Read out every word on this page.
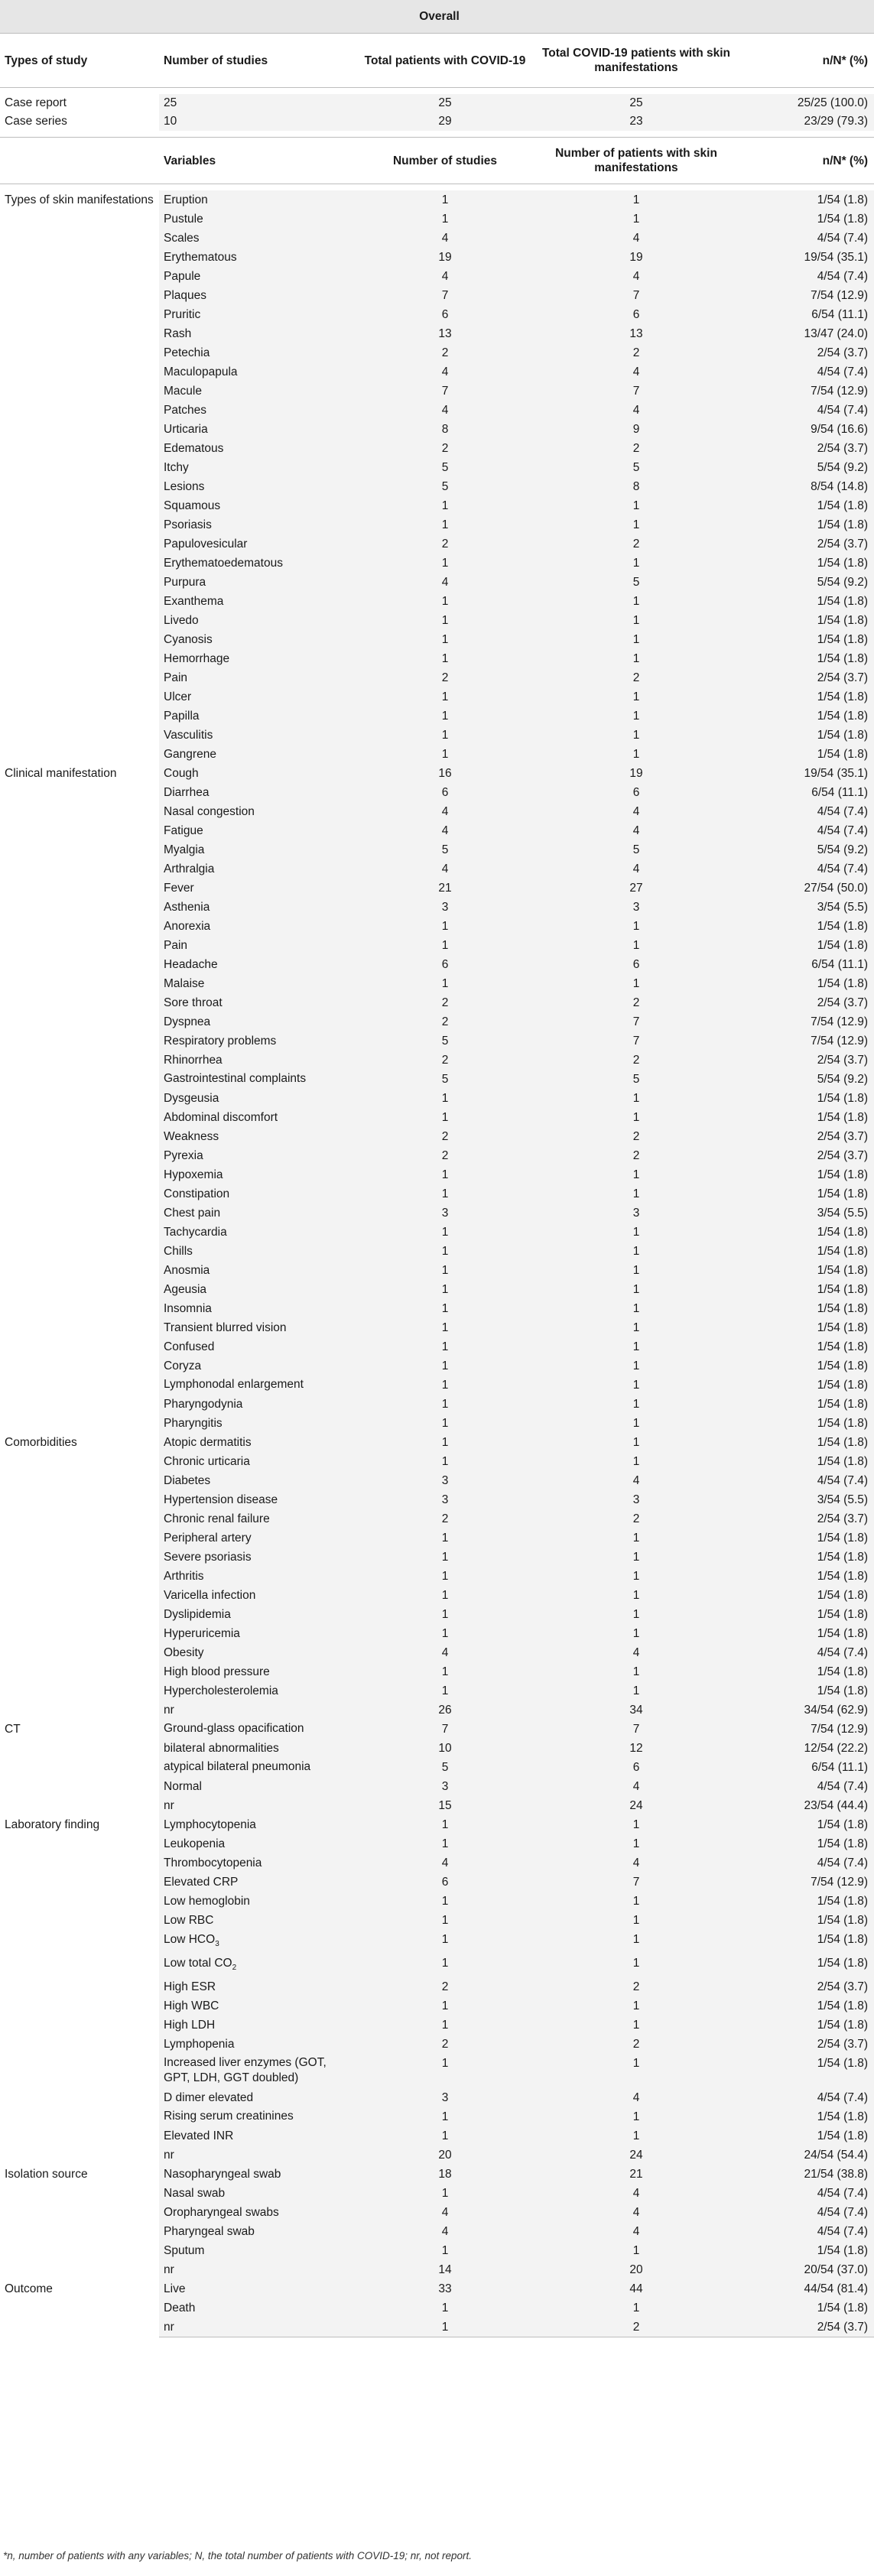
Overall				
Types of study	Number of studies	Total patients with COVID-19	Total COVID-19 patients with skin manifestations	n/N* (%)

Case report	25	25	25	25/25 (100.0)
Case series	10	29	23	23/29 (79.3)

	Variables	Number of studies	Number of patients with skin manifestations	n/N* (%)

Types of skin manifestations	Eruption	1	1	1/54 (1.8)
	Pustule	1	1	1/54 (1.8)
	Scales	4	4	4/54 (7.4)
	Erythematous	19	19	19/54 (35.1)
	Papule	4	4	4/54 (7.4)
	Plaques	7	7	7/54 (12.9)
	Pruritic	6	6	6/54 (11.1)
	Rash	13	13	13/47 (24.0)
	Petechia	2	2	2/54 (3.7)
	Maculopapula	4	4	4/54 (7.4)
	Macule	7	7	7/54 (12.9)
	Patches	4	4	4/54 (7.4)
	Urticaria	8	9	9/54 (16.6)
	Edematous	2	2	2/54 (3.7)
	Itchy	5	5	5/54 (9.2)
	Lesions	5	8	8/54 (14.8)
	Squamous	1	1	1/54 (1.8)
	Psoriasis	1	1	1/54 (1.8)
	Papulovesicular	2	2	2/54 (3.7)
	Erythematoedematous	1	1	1/54 (1.8)
	Purpura	4	5	5/54 (9.2)
	Exanthema	1	1	1/54 (1.8)
	Livedo	1	1	1/54 (1.8)
	Cyanosis	1	1	1/54 (1.8)
	Hemorrhage	1	1	1/54 (1.8)
	Pain	2	2	2/54 (3.7)
	Ulcer	1	1	1/54 (1.8)
	Papilla	1	1	1/54 (1.8)
	Vasculitis	1	1	1/54 (1.8)
	Gangrene	1	1	1/54 (1.8)
Clinical manifestation	Cough	16	19	19/54 (35.1)
	Diarrhea	6	6	6/54 (11.1)
	Nasal congestion	4	4	4/54 (7.4)
	Fatigue	4	4	4/54 (7.4)
	Myalgia	5	5	5/54 (9.2)
	Arthralgia	4	4	4/54 (7.4)
	Fever	21	27	27/54 (50.0)
	Asthenia	3	3	3/54 (5.5)
	Anorexia	1	1	1/54 (1.8)
	Pain	1	1	1/54 (1.8)
	Headache	6	6	6/54 (11.1)
	Malaise	1	1	1/54 (1.8)
	Sore throat	2	2	2/54 (3.7)
	Dyspnea	2	7	7/54 (12.9)
	Respiratory problems	5	7	7/54 (12.9)
	Rhinorrhea	2	2	2/54 (3.7)
	Gastrointestinal complaints	5	5	5/54 (9.2)
	Dysgeusia	1	1	1/54 (1.8)
	Abdominal discomfort	1	1	1/54 (1.8)
	Weakness	2	2	2/54 (3.7)
	Pyrexia	2	2	2/54 (3.7)
	Hypoxemia	1	1	1/54 (1.8)
	Constipation	1	1	1/54 (1.8)
	Chest pain	3	3	3/54 (5.5)
	Tachycardia	1	1	1/54 (1.8)
	Chills	1	1	1/54 (1.8)
	Anosmia	1	1	1/54 (1.8)
	Ageusia	1	1	1/54 (1.8)
	Insomnia	1	1	1/54 (1.8)
	Transient blurred vision	1	1	1/54 (1.8)
	Confused	1	1	1/54 (1.8)
	Coryza	1	1	1/54 (1.8)
	Lymphonodal enlargement	1	1	1/54 (1.8)
	Pharyngodynia	1	1	1/54 (1.8)
	Pharyngitis	1	1	1/54 (1.8)
Comorbidities	Atopic dermatitis	1	1	1/54 (1.8)
	Chronic urticaria	1	1	1/54 (1.8)
	Diabetes	3	4	4/54 (7.4)
	Hypertension disease	3	3	3/54 (5.5)
	Chronic renal failure	2	2	2/54 (3.7)
	Peripheral artery	1	1	1/54 (1.8)
	Severe psoriasis	1	1	1/54 (1.8)
	Arthritis	1	1	1/54 (1.8)
	Varicella infection	1	1	1/54 (1.8)
	Dyslipidemia	1	1	1/54 (1.8)
	Hyperuricemia	1	1	1/54 (1.8)
	Obesity	4	4	4/54 (7.4)
	High blood pressure	1	1	1/54 (1.8)
	Hypercholesterolemia	1	1	1/54 (1.8)
	nr	26	34	34/54 (62.9)
CT	Ground-glass opacification	7	7	7/54 (12.9)
	bilateral abnormalities	10	12	12/54 (22.2)
	atypical bilateral pneumonia	5	6	6/54 (11.1)
	Normal	3	4	4/54 (7.4)
	nr	15	24	23/54 (44.4)
Laboratory finding	Lymphocytopenia	1	1	1/54 (1.8)
	Leukopenia	1	1	1/54 (1.8)
	Thrombocytopenia	4	4	4/54 (7.4)
	Elevated CRP	6	7	7/54 (12.9)
	Low hemoglobin	1	1	1/54 (1.8)
	Low RBC	1	1	1/54 (1.8)
	Low $HCO_3$	1	1	1/54 (1.8)
	Low total $CO_2$	1	1	1/54 (1.8)
	High ESR	2	2	2/54 (3.7)
	High WBC	1	1	1/54 (1.8)
	High LDH	1	1	1/54 (1.8)
	Lymphopenia	2	2	2/54 (3.7)
	Increased liver enzymes (GOT, GPT, LDH, GGT doubled)	1	1	1/54 (1.8)
	D dimer elevated	3	4	4/54 (7.4)
	Rising serum creatinines	1	1	1/54 (1.8)
	Elevated INR	1	1	1/54 (1.8)
	nr	20	24	24/54 (54.4)
Isolation source	Nasopharyngeal swab	18	21	21/54 (38.8)
	Nasal swab	1	4	4/54 (7.4)
	Oropharyngeal swabs	4	4	4/54 (7.4)
	Pharyngeal swab	4	4	4/54 (7.4)
	Sputum	1	1	1/54 (1.8)
	nr	14	20	20/54 (37.0)
Outcome	Live	33	44	44/54 (81.4)
	Death	1	1	1/54 (1.8)
	nr	1	2	2/54 (3.7)
*n, number of patients with any variables; N, the total number of patients with COVID-19; nr, not report.
